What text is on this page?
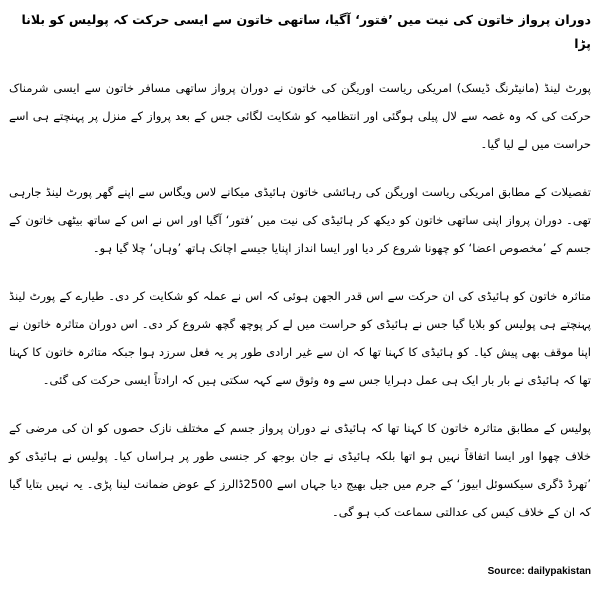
دوران پرواز خاتون کی نیت میں ’فتور‘ آگیا، ساتھی خاتون سے ایسی حرکت کہ پولیس کو بلانا پڑا

پورٹ لینڈ (مانیٹرنگ ڈیسک) امریکی ریاست اوریگن کی خاتون نے دوران پرواز ساتھی مسافر خاتون سے ایسی شرمناک حرکت کی کہ وہ غصہ سے لال پیلی ہوگئی اور انتظامیہ کو شکایت لگائی جس کے بعد پرواز کے منزل پر پہنچتے ہی اسے حراست میں لے لیا گیا۔

تفصیلات کے مطابق امریکی ریاست اوریگن کی رہائشی خاتون ہائیڈی میکانے لاس ویگاس سے اپنے گھر پورٹ لینڈ جارہی تھی۔ دوران پرواز اپنی ساتھی خاتون کو دیکھ کر ہائیڈی کی نیت میں ’فتور‘ آگیا اور اس نے اس کے ساتھ بیٹھی خاتون کے جسم کے ’مخصوص اعضا‘ کو چھونا شروع کر دیا اور ایسا انداز اپنایا جیسے اچانک ہاتھ ’وہاں‘ چلا گیا ہو۔

متاثرہ خاتون کو ہائیڈی کی ان حرکت سے اس قدر الجھن ہوئی کہ اس نے عملہ کو شکایت کر دی۔ طیارے کے پورٹ لینڈ پہنچتے ہی پولیس کو بلایا گیا جس نے ہائیڈی کو حراست میں لے کر پوچھ گچھ شروع کر دی۔ اس دوران متاثرہ خاتون نے اپنا موقف بھی پیش کیا۔ کو ہائیڈی کا کہنا تھا کہ ان سے غیر ارادی طور پر یہ فعل سرزد ہوا جبکہ متاثرہ خاتون کا کہنا تھا کہ ہائیڈی نے بار بار ایک ہی عمل دہرایا جس سے وہ وثوق سے کہہ سکتی ہیں کہ ارادتاً ایسی حرکت کی گئی۔

پولیس کے مطابق متاثرہ خاتون کا کہنا تھا کہ ہائیڈی نے دوران پرواز جسم کے مختلف نازک حصوں کو ان کی مرضی کے خلاف چھوا اور ایسا اتفاقاً نہیں ہو اتھا بلکہ ہائیڈی نے جان بوجھ کر جنسی طور پر ہراساں کیا۔ پولیس نے ہائیڈی کو ’تھرڈ ڈگری سیکسوئل ابیوز‘ کے جرم میں جیل بھیج دیا جہاں اسے 2500ڈالرز کے عوض ضمانت لینا پڑی۔ یہ نہیں بتایا گیا کہ ان کے خلاف کیس کی عدالتی سماعت کب ہو گی۔

Source: dailypakistan
